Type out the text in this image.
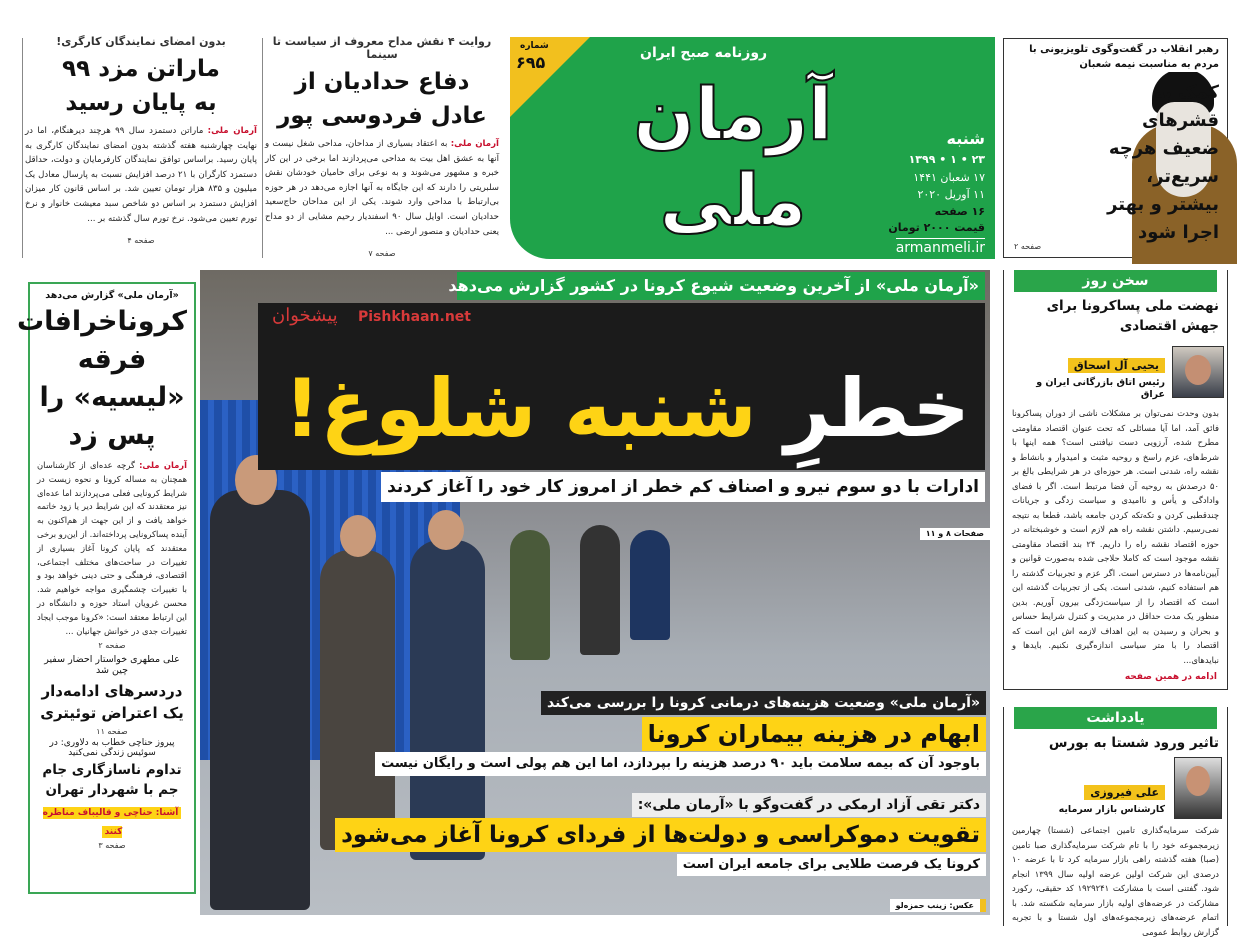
روایت ۴ نقش مداح معروف از سیاست تا سینما
دفاع حدادیان از
عادل فردوسی پور
آرمان ملی: به اعتقاد بسیاری از مداحان، مداحی شغل نیست و آنها به عشق اهل بیت به مداحی می‌پردازند اما برخی در این کار خبره و مشهور می‌شوند و به نوعی برای حامیان خودشان نقش سلبریتی را دارند که این جایگاه به آنها اجازه می‌دهد در هر حوزه بی‌ارتباط با مداحی وارد شوند. یکی از این مداحان حاج‌سعید حدادیان است. اوایل سال ۹۰ اسفندیار رحیم مشایی از دو مداح یعنی حدادیان و منصور ارضی ...
صفحه ۷
بدون امضای نمایندگان کارگری!
ماراتن مزد ۹۹
به پایان رسید
آرمان ملی: ماراتن دستمزد سال ۹۹ هرچند دیرهنگام، اما در نهایت چهارشنبه هفته گذشته بدون امضای نمایندگان کارگری به پایان رسید. براساس توافق نمایندگان کارفرمایان و دولت، حداقل دستمزد کارگران با ۲۱ درصد افزایش نسبت به پارسال معادل یک میلیون و ۸۳۵ هزار تومان تعیین شد. بر اساس قانون کار میزان افزایش دستمزد بر اساس دو شاخص سبد معیشت خانوار و نرخ تورم تعیین می‌شود. نرخ تورم سال گذشته بر ...
صفحه ۴
شماره
۶۹۵	روزنامه صبح ایران
آرمان ملی
شنبه
۲۳ • ۱ • ۱۳۹۹
۱۷ شعبان ۱۴۴۱
۱۱ آوریل ۲۰۲۰
۱۶ صفحه
قیمت ۲۰۰۰ تومان
armanmeli.ir
رهبر انقلاب در گفت‌وگوی تلویزیونی با مردم به مناسبت نیمه شعبان
کمک به قشرهای ضعیف هرچه سریع‌تر، بیشتر و بهتر اجرا شود
صفحه ۲
«آرمان ملی» از آخرین وضعیت شیوع کرونا در کشور گزارش می‌دهد
پیشخوان Pishkhaan.net
خطرِ شنبه شلوغ!
ادارات با دو سوم نیرو و اصناف کم خطر از امروز کار خود را آغاز کردند
صفحات ۸ و ۱۱
«آرمان ملی» وضعیت هزینه‌های درمانی کرونا را بررسی می‌کند
ابهام در هزینه بیماران کرونا
باوجود آن که بیمه سلامت باید ۹۰ درصد هزینه را بپردازد، اما این هم پولی است و رایگان نیست
دکتر تقی آزاد ارمکی در گفت‌وگو با «آرمان ملی»:
تقویت دموکراسی و دولت‌ها از فردای کرونا آغاز می‌شود
کرونا یک فرصت طلایی برای جامعه ایران است
عکس: زینب حمزه‌لو
«آرمان ملی» گزارش می‌دهد
کروناخرافات فرقه «لیسیه» را پس زد
آرمان ملی: گرچه عده‌ای از کارشناسان همچنان به مساله کرونا و نحوه زیست در شرایط کرونایی فعلی می‌پردازند اما عده‌ای نیز معتقدند که این شرایط دیر یا زود خاتمه خواهد یافت و از این جهت از هم‌اکنون به آینده پساکرونایی پرداخته‌اند. از این‌رو برخی معتقدند که پایان کرونا آغاز بسیاری از تغییرات در ساحت‌های مختلف اجتماعی، اقتصادی، فرهنگی و حتی دینی خواهد بود و با تغییرات چشمگیری مواجه خواهیم شد. محسن غرویان استاد حوزه و دانشگاه در این ارتباط معتقد است: «کرونا موجب ایجاد تغییرات جدی در خوانش جهانیان ...
صفحه ۲
علی مطهری خواستار احضار سفیر چین شد
دردسرهای ادامه‌دار یک اعتراض توئیتری
صفحه ۱۱
پیروز حناچی خطاب به دلاوری: در سوئیس زندگی نمی‌کنید
تداوم ناسازگاری جام جم با شهردار تهران
آشنا: حناچی و قالیباف مناظره کنند
صفحه ۳
سخن روز
نهضت ملی پساکرونا برای جهش اقتصادی
یحیی آل اسحاق
رئیس اتاق بازرگانی ایران و عراق
بدون وحدت نمی‌توان بر مشکلات ناشی از دوران پساکرونا فائق آمد، اما آیا مسائلی که تحت عنوان اقتصاد مقاومتی مطرح شده، آرزویی دست نیافتنی است؟ همه اینها با شرط‌های، عزم راسخ و روحیه مثبت و امیدوار و بانشاط و نقشه راه، شدنی است. هر حوزه‌ای در هر شرایطی بالغ بر ۵۰ درصدش به روحیه آن فضا مرتبط است. اگر با فضای وادادگی و یأس و ناامیدی و سیاست زدگی و جریانات چندقطبی کردن و تکه‌تکه کردن جامعه باشد، قطعا به نتیجه نمی‌رسیم. داشتن نقشه راه هم لازم است و خوشبختانه در حوزه اقتصاد نقشه راه را داریم. ۲۴ بند اقتصاد مقاومتی نقشه موجود است که کاملا حلاجی شده به‌صورت قوانین و آیین‌نامه‌ها در دسترس است. اگر عزم و تجربیات گذشته را هم استفاده کنیم، شدنی است. یکی از تجربیات گذشته این است که اقتصاد را از سیاست‌زدگی بیرون آوریم. بدین منظور یک مدت حداقل در مدیریت و کنترل شرایط حساس و بحران و رسیدن به این اهداف لازمه اش این است که اقتصاد را با متر سیاسی اندازه‌گیری نکنیم. بایدها و نبایدهای...
ادامه در همین صفحه
یادداشت
تاثیر ورود شستا به بورس
علی فیروزی
کارشناس بازار سرمایه
شرکت سرمایه‌گذاری تامین اجتماعی (شستا) چهارمین زیرمجموعه خود را با تام شرکت سرمایه‌گذاری صبا تامین (صبا) هفته گذشته راهی بازار سرمایه کرد تا با عرضه ۱۰ درصدی این شرکت اولین عرضه اولیه سال ۱۳۹۹ انجام شود. گفتنی است با مشارکت ۱۹۲۹۲۴۱ کد حقیقی، رکورد مشارکت در عرضه‌های اولیه بازار سرمایه شکسته شد. با اتمام عرضه‌های زیرمجموعه‌های اول شستا و با تجربه گزارش روابط عمومی
